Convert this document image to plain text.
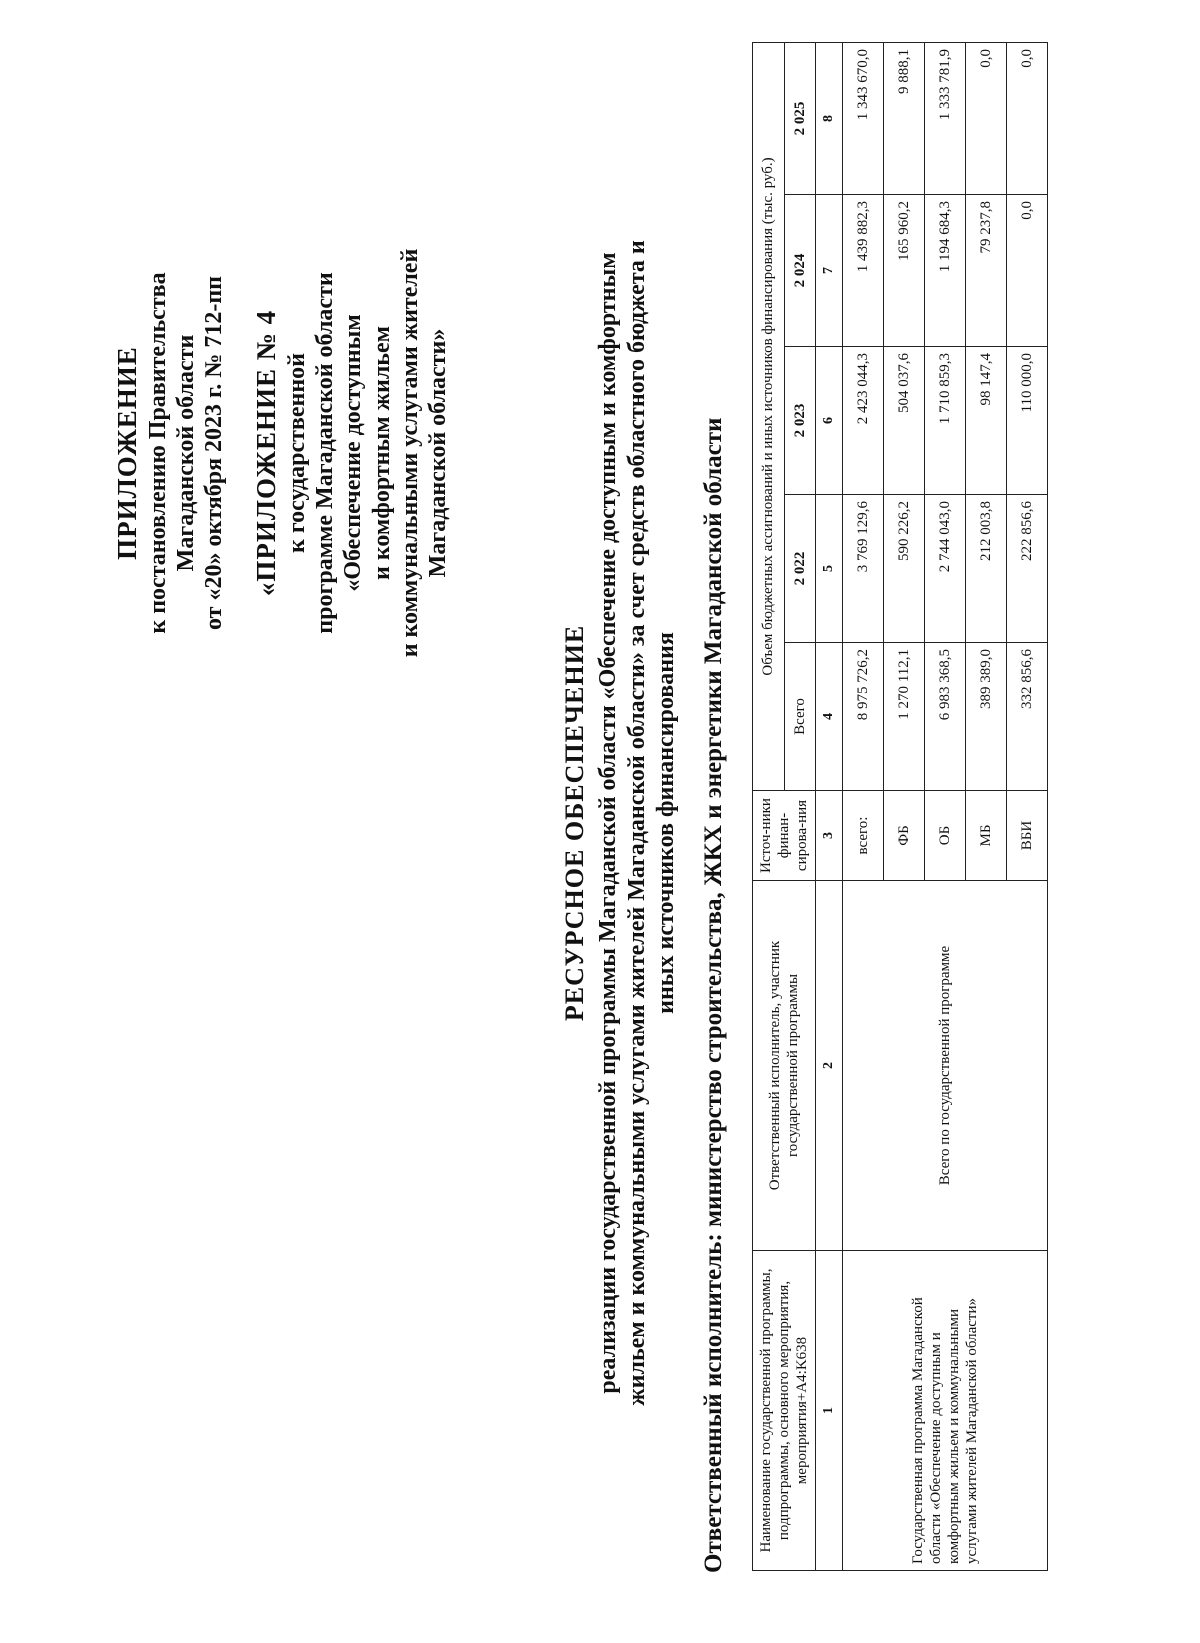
ПРИЛОЖЕНИЕ к постановлению Правительства Магаданской области от «20» октября 2023 г. № 712-пп «ПРИЛОЖЕНИЕ № 4 к государственной программе Магаданской области «Обеспечение доступным и комфортным жильем и коммунальными услугами жителей Магаданской области»
РЕСУРСНОЕ ОБЕСПЕЧЕНИЕ реализации государственной программы Магаданской области «Обеспечение доступным и комфортным жильем и коммунальными услугами жителей Магаданской области» за счет средств областного бюджета и иных источников финансирования Ответственный исполнитель: министерство строительства, ЖКХ и энергетики Магаданской области Наименование государственной программы, подпрограммы, основного мероприятия, мероприятия+A4:K638	Ответственный исполнитель, участник государственной программы	Источ-ники финан-сирова-ния	Объем бюджетных ассигнований и иных источников финансирования (тыс. руб.)				
			Всего	2 022	2 023	2 024	2 025
1	2	3	4	5	6	7	8
Государственная программа Магаданской области «Обеспечение доступным и комфортным жильем и коммунальными услугами жителей Магаданской области»	Всего по государственной программе	всего:	8 975 726,2	3 769 129,6	2 423 044,3	1 439 882,3	1 343 670,0
		ФБ	1 270 112,1	590 226,2	504 037,6	165 960,2	9 888,1
		ОБ	6 983 368,5	2 744 043,0	1 710 859,3	1 194 684,3	1 333 781,9
		МБ	389 389,0	212 003,8	98 147,4	79 237,8	0,0
		ВБИ	332 856,6	222 856,6	110 000,0	0,0	0,0
